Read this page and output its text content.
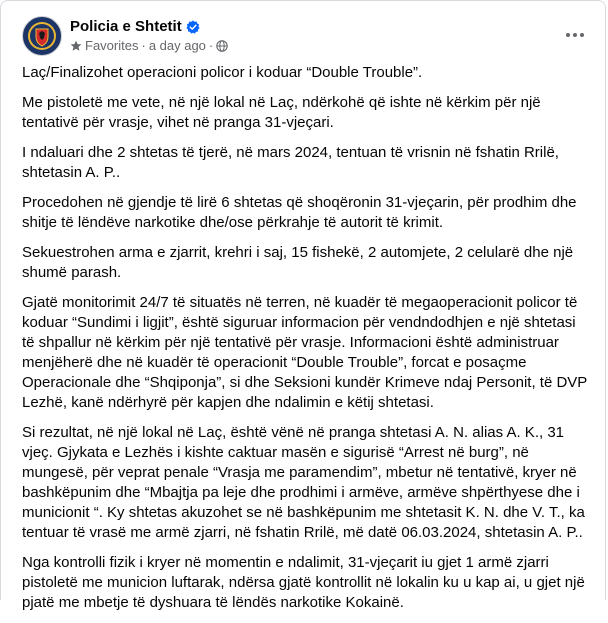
Policia e Shtetit
Favorites · a day ago ·

Laç/Finalizohet operacioni policor i koduar “Double Trouble”.

Me pistoletë me vete, në një lokal në Laç, ndërkohë që ishte në kërkim për një tentativë për vrasje, vihet në pranga 31-vjeçari.

I ndaluari dhe 2 shtetas të tjerë, në mars 2024, tentuan të vrisnin në fshatin Rrilë, shtetasin A. P..

Procedohen në gjendje të lirë 6 shtetas që shoqëronin 31-vjeçarin, për prodhim dhe shitje të lëndëve narkotike dhe/ose përkrahje të autorit të krimit.

Sekuestrohen arma e zjarrit, krehri i saj, 15 fishekë, 2 automjete, 2 celularë dhe një shumë parash.

Gjatë monitorimit 24/7 të situatës në terren, në kuadër të megaoperacionit policor të koduar “Sundimi i ligjit”, është siguruar informacion për vendndodhjen e një shtetasi të shpallur në kërkim për një tentativë për vrasje. Informacioni është administruar menjëherë dhe në kuadër të operacionit “Double Trouble”, forcat e posaçme Operacionale dhe “Shqiponja”, si dhe Seksioni kundër Krimeve ndaj Personit, të DVP Lezhë, kanë ndërhyrë për kapjen dhe ndalimin e këtij shtetasi.

Si rezultat, në një lokal në Laç, është vënë në pranga shtetasi A. N. alias A. K., 31 vjeç. Gjykata e Lezhës i kishte caktuar masën e sigurisë “Arrest në burg”, në mungesë, për veprat penale “Vrasja me paramendim”, mbetur në tentativë, kryer në bashkëpunim dhe “Mbajtja pa leje dhe prodhimi i armëve, armëve shpërthyese dhe i municionit “. Ky shtetas akuzohet se në bashkëpunim me shtetasit K. N. dhe V. T., ka tentuar të vrasë me armë zjarri, në fshatin Rrilë, më datë 06.03.2024, shtetasin A. P..

Nga kontrolli fizik i kryer në momentin e ndalimit, 31-vjeçarit iu gjet 1 armë zjarri pistoletë me municion luftarak, ndërsa gjatë kontrollit në lokalin ku u kap ai, u gjet një pjatë me mbetje të dyshuara të lëndës narkotike Kokainë.
